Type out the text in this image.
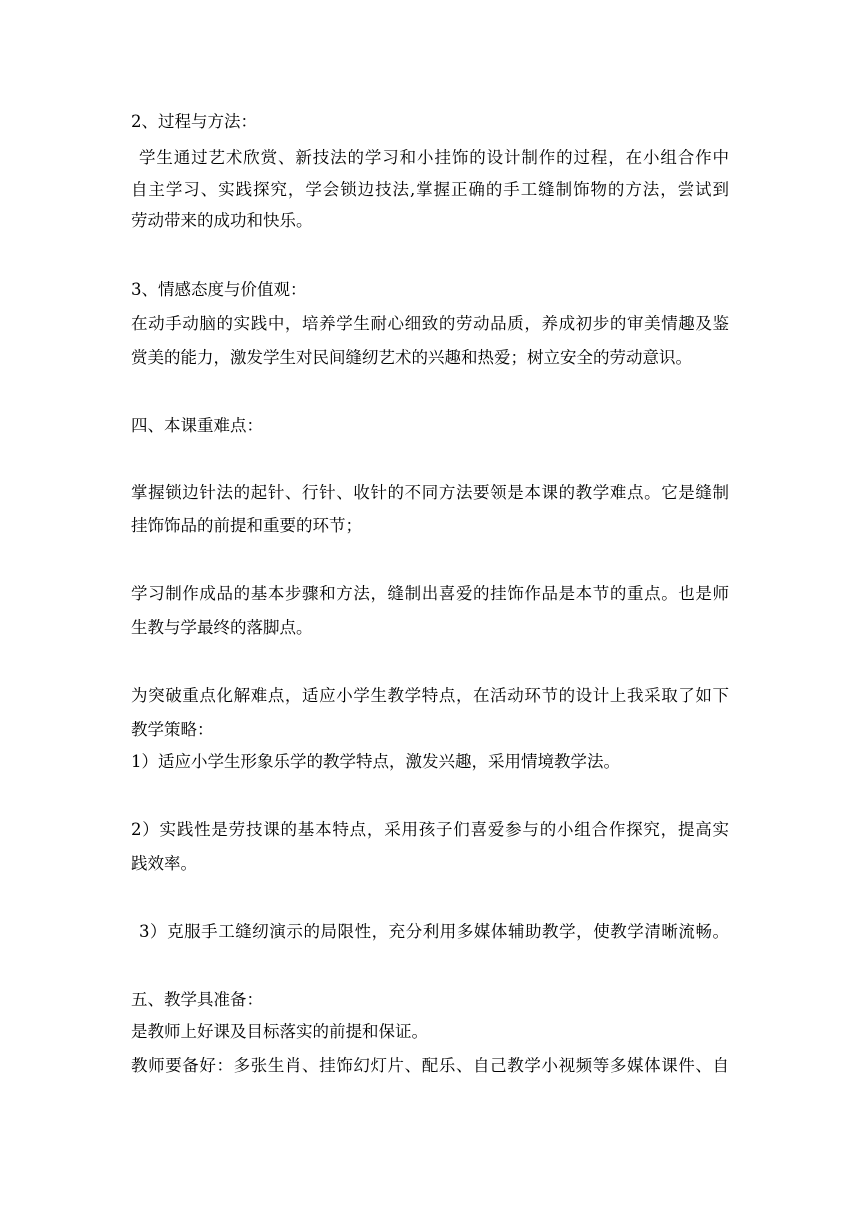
2、过程与方法：
学生通过艺术欣赏、新技法的学习和小挂饰的设计制作的过程，在小组合作中
自主学习、实践探究，学会锁边技法,掌握正确的手工缝制饰物的方法，尝试到
劳动带来的成功和快乐。
3、情感态度与价值观：
在动手动脑的实践中，培养学生耐心细致的劳动品质，养成初步的审美情趣及鉴
赏美的能力，激发学生对民间缝纫艺术的兴趣和热爱；树立安全的劳动意识。
四、本课重难点：
掌握锁边针法的起针、行针、收针的不同方法要领是本课的教学难点。它是缝制
挂饰饰品的前提和重要的环节；
学习制作成品的基本步骤和方法，缝制出喜爱的挂饰作品是本节的重点。也是师
生教与学最终的落脚点。
为突破重点化解难点，适应小学生教学特点，在活动环节的设计上我采取了如下
教学策略：
1）适应小学生形象乐学的教学特点，激发兴趣，采用情境教学法。
2）实践性是劳技课的基本特点，采用孩子们喜爱参与的小组合作探究，提高实
践效率。
3）克服手工缝纫演示的局限性，充分利用多媒体辅助教学，使教学清晰流畅。
五、教学具准备：
是教师上好课及目标落实的前提和保证。
教师要备好：多张生肖、挂饰幻灯片、配乐、自己教学小视频等多媒体课件、自
